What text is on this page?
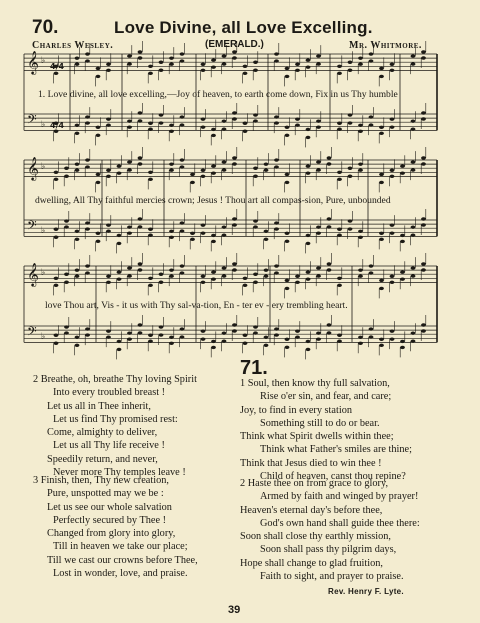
70.	Love Divine, all Love Excelling.
Charles Wesley.	(EMERALD.)	Mr. Whitmore.
𝄞
𝄢
♭
♭
𝄞
𝄢
♭
♭
𝄞
𝄢
♭
♭
4/4
4/4
1. Love divine, all love excelling,—Joy of heaven, to earth come down, Fix in us Thy humble
dwelling, All Thy faithful mercies crown; Jesus ! Thou art all compas-sion, Pure, unbounded
love Thou art, Vis - it us with Thy sal-va-tion, En - ter ev - ery trembling heart.
2 Breathe, oh, breathe Thy loving Spirit
Into every troubled breast !
Let us all in Thee inherit,
Let us find Thy promised rest:
Come, almighty to deliver,
Let us all Thy life receive !
Speedily return, and never,
Never more Thy temples leave !
3 Finish, then, Thy new creation,
Pure, unspotted may we be :
Let us see our whole salvation
Perfectly secured by Thee !
Changed from glory into glory,
Till in heaven we take our place;
Till we cast our crowns before Thee,
Lost in wonder, love, and praise.
71.
1 Soul, then know thy full salvation,
Rise o'er sin, and fear, and care;
Joy, to find in every station
Something still to do or bear.
Think what Spirit dwells within thee;
Think what Father's smiles are thine;
Think that Jesus died to win thee !
Child of heaven, canst thou repine?
2 Haste thee on from grace to glory,
Armed by faith and winged by prayer!
Heaven's eternal day's before thee,
God's own hand shall guide thee there:
Soon shall close thy earthly mission,
Soon shall pass thy pilgrim days,
Hope shall change to glad fruition,
Faith to sight, and prayer to praise.
Rev. Henry F. Lyte.
39
